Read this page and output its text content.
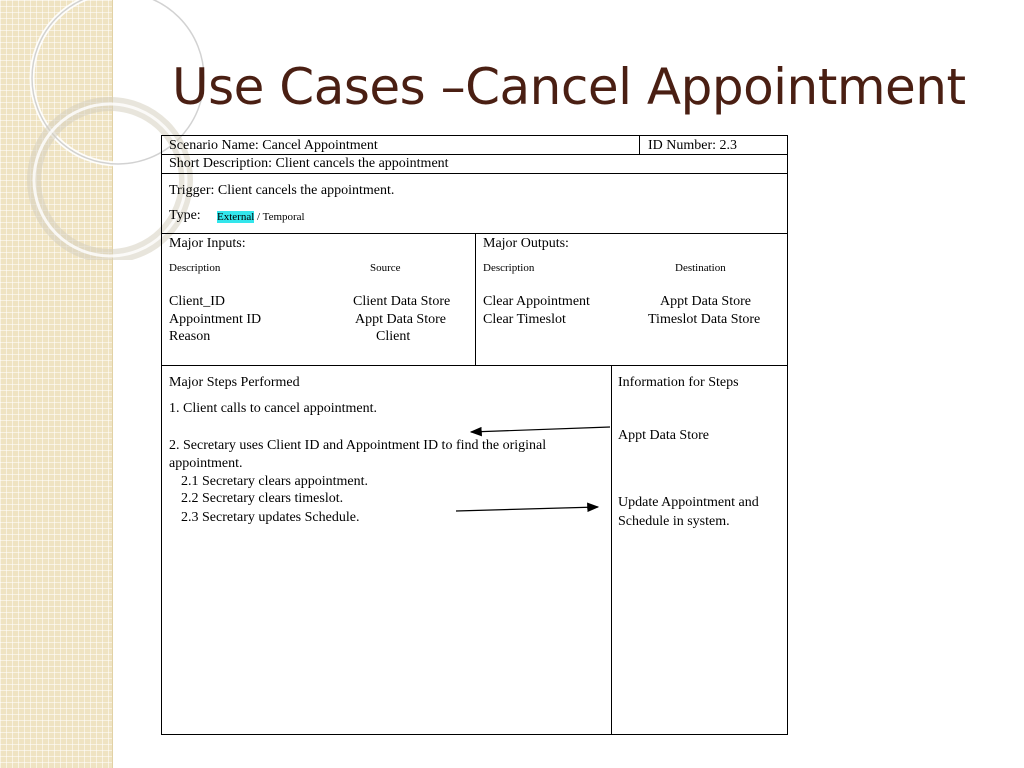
Use Cases –Cancel Appointment
Scenario Name: Cancel Appointment	ID Number: 2.3
Short Description: Client cancels the appointment
Trigger: Client cancels the appointment.
Type: External / Temporal
Major Inputs:
Description	Source
Client_ID	Client Data Store
Appointment ID	Appt Data Store
Reason	Client
Major Outputs:
Description	Destination
Clear Appointment	Appt Data Store
Clear Timeslot	Timeslot Data Store
Major Steps Performed
1. Client calls to cancel appointment.
2. Secretary uses Client ID and Appointment ID to find the original
appointment.
2.1 Secretary clears appointment.
2.2 Secretary clears timeslot.
2.3 Secretary updates Schedule.
Information for Steps
Appt Data Store
Update Appointment and
Schedule in system.
